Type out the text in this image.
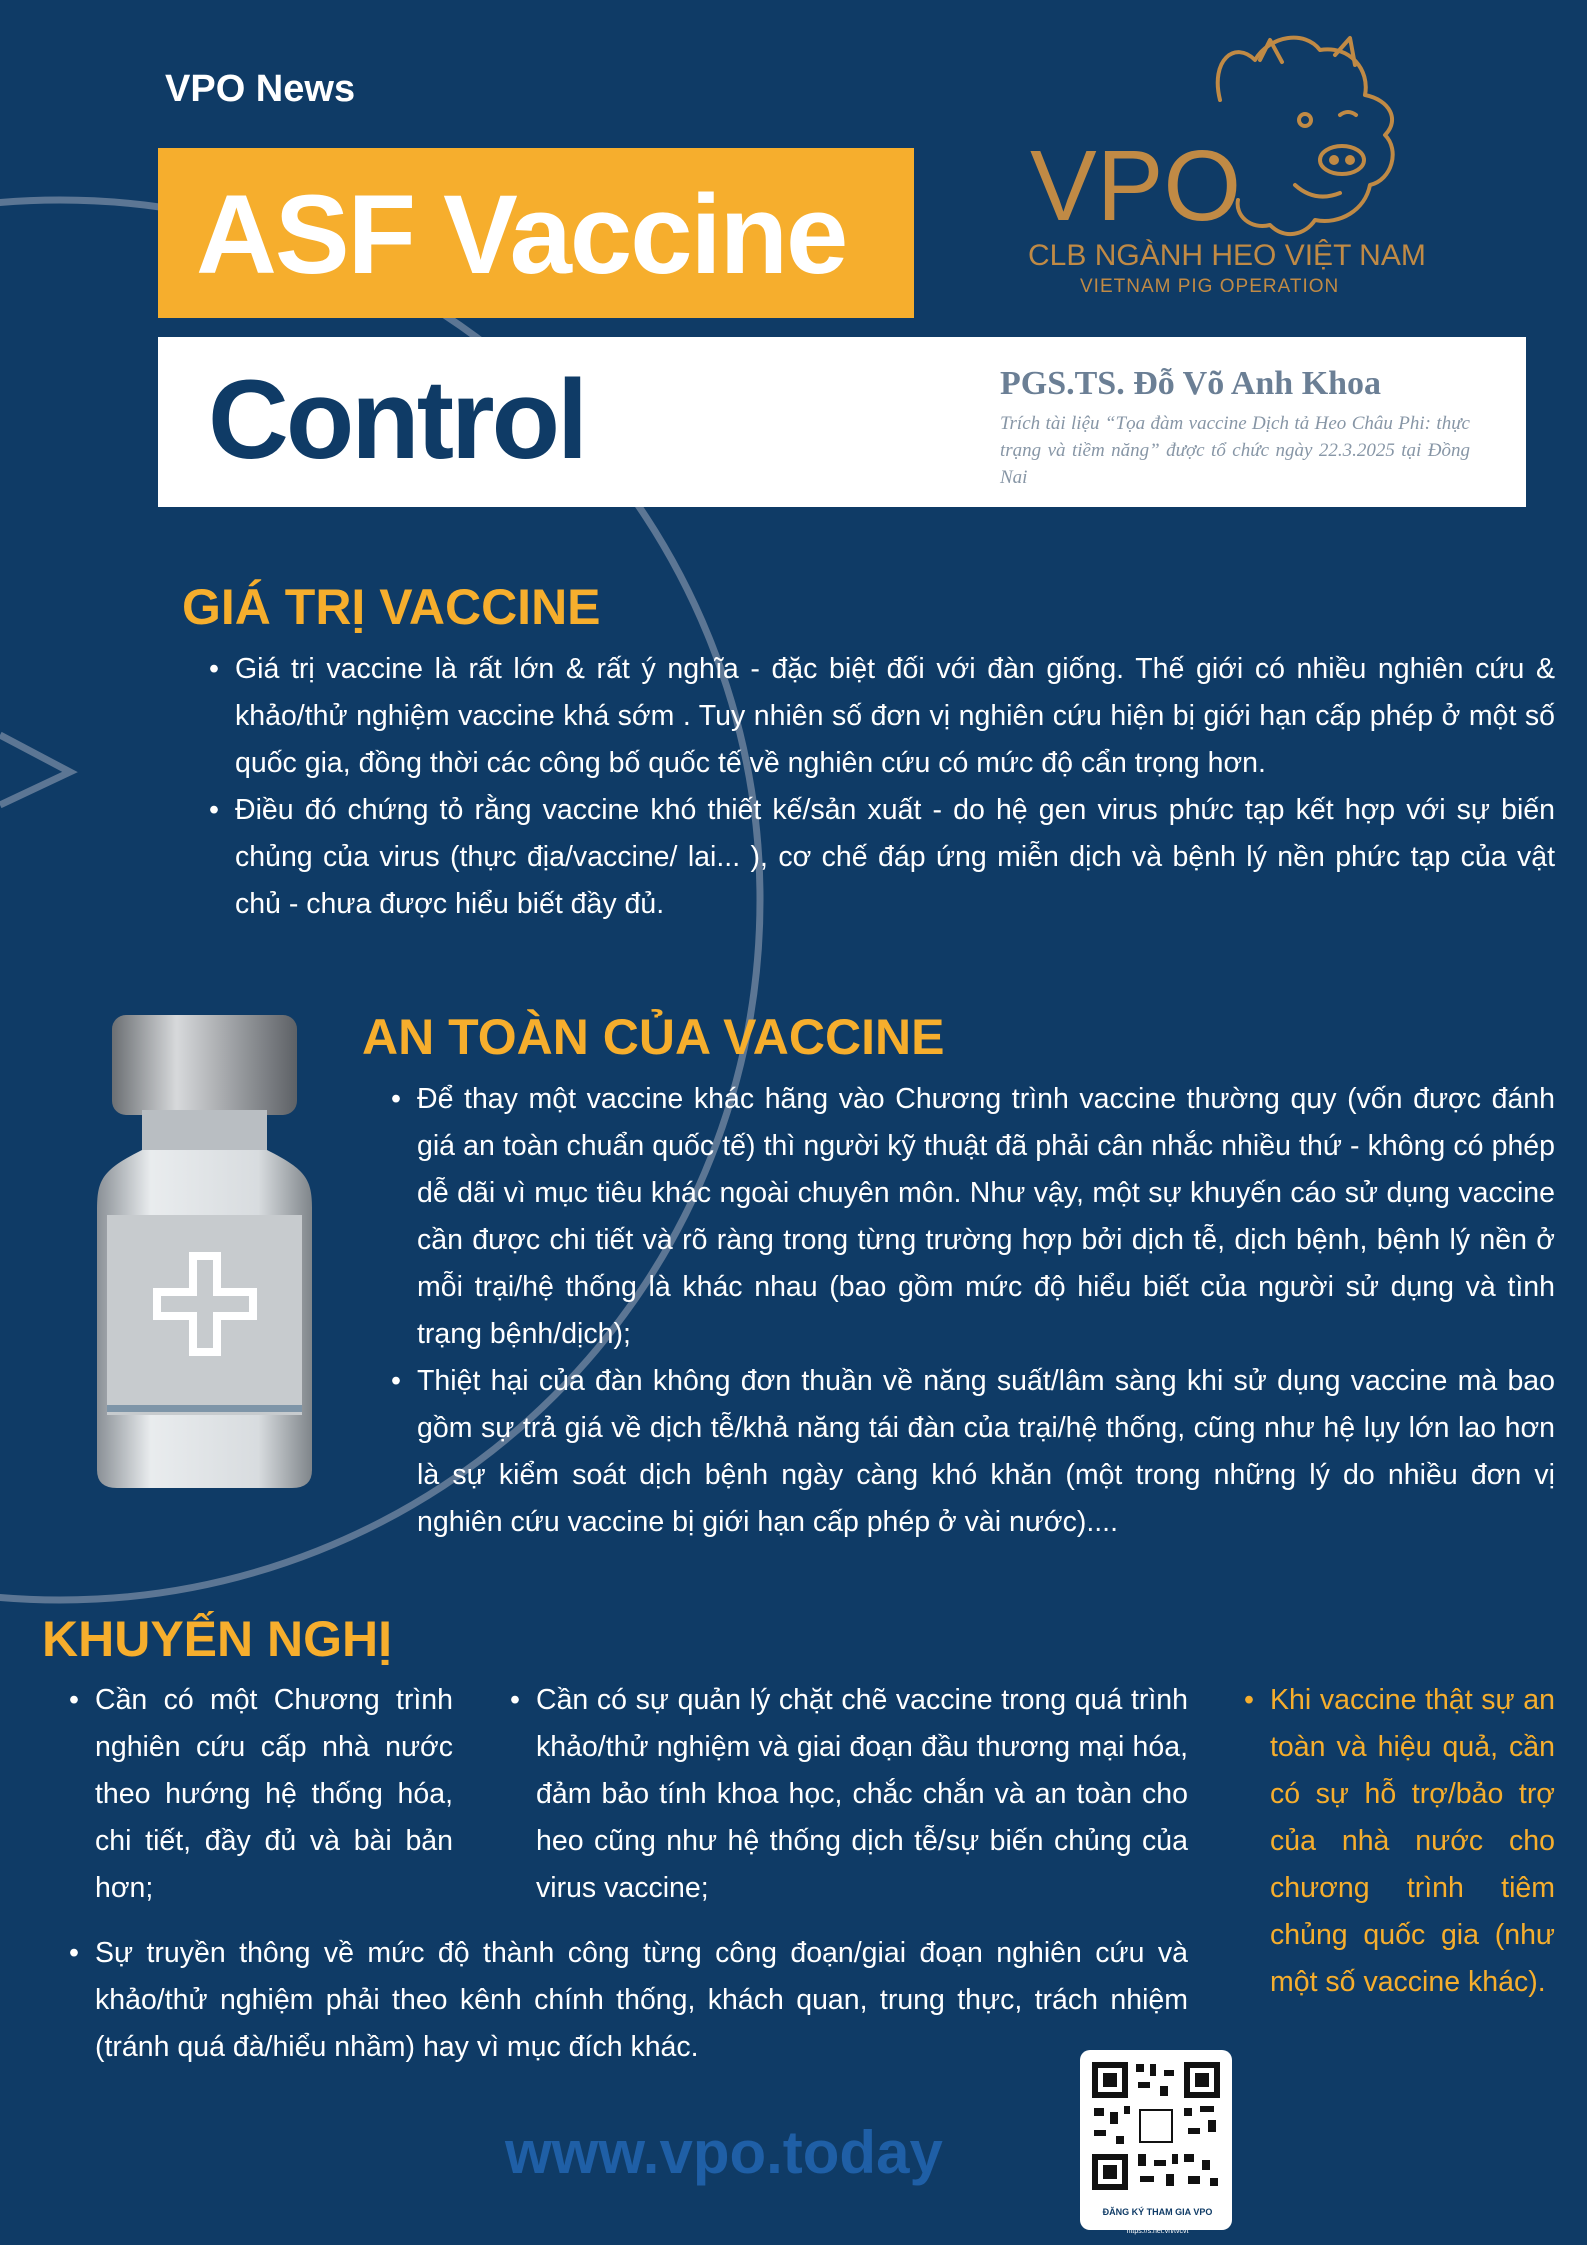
VPO News
ASF Vaccine
Control	PGS.TS. Đỗ Võ Anh Khoa
Trích tài liệu “Tọa đàm vaccine Dịch tả Heo Châu Phi: thực trạng và tiềm năng” được tổ chức ngày 22.3.2025 tại Đồng Nai
VPO
CLB NGÀNH HEO VIỆT NAM
VIETNAM PIG OPERATION
GIÁ TRỊ VACCINE
• Giá trị vaccine là rất lớn & rất ý nghĩa - đặc biệt đối với đàn giống. Thế giới có nhiều nghiên cứu & khảo/thử nghiệm vaccine khá sớm . Tuy nhiên số đơn vị nghiên cứu hiện bị giới hạn cấp phép ở một số quốc gia, đồng thời các công bố quốc tế về nghiên cứu có mức độ cẩn trọng hơn.
• Điều đó chứng tỏ rằng vaccine khó thiết kế/sản xuất - do hệ gen virus phức tạp kết hợp với sự biến chủng của virus (thực địa/vaccine/ lai... ), cơ chế đáp ứng miễn dịch và bệnh lý nền phức tạp của vật chủ - chưa được hiểu biết đầy đủ.
AN TOÀN CỦA VACCINE
• Để thay một vaccine khác hãng vào Chương trình vaccine thường quy (vốn được đánh giá an toàn chuẩn quốc tế) thì người kỹ thuật đã phải cân nhắc nhiều thứ - không có phép dễ dãi vì mục tiêu khác ngoài chuyên môn. Như vậy, một sự khuyến cáo sử dụng vaccine cần được chi tiết và rõ ràng trong từng trường hợp bởi dịch tễ, dịch bệnh, bệnh lý nền ở mỗi trại/hệ thống là khác nhau (bao gồm mức độ hiểu biết của người sử dụng và tình trạng bệnh/dịch);
• Thiệt hại của đàn không đơn thuần về năng suất/lâm sàng khi sử dụng vaccine mà bao gồm sự trả giá về dịch tễ/khả năng tái đàn của trại/hệ thống, cũng như hệ lụy lớn lao hơn là sự kiểm soát dịch bệnh ngày càng khó khăn (một trong những lý do nhiều đơn vị nghiên cứu vaccine bị giới hạn cấp phép ở vài nước)....
KHUYẾN NGHỊ
• Cần có một Chương trình nghiên cứu cấp nhà nước theo hướng hệ thống hóa, chi tiết, đầy đủ và bài bản hơn;
• Cần có sự quản lý chặt chẽ vaccine trong quá trình khảo/thử nghiệm và giai đoạn đầu thương mại hóa, đảm bảo tính khoa học, chắc chắn và an toàn cho heo cũng như hệ thống dịch tễ/sự biến chủng của virus vaccine;
• Khi vaccine thật sự an toàn và hiệu quả, cần có sự hỗ trợ/bảo trợ của nhà nước cho chương trình tiêm chủng quốc gia (như một số vaccine khác).
• Sự truyền thông về mức độ thành công từng công đoạn/giai đoạn nghiên cứu và khảo/thử nghiệm phải theo kênh chính thống, khách quan, trung thực, trách nhiệm (tránh quá đà/hiểu nhầm) hay vì mục đích khác.
www.vpo.today
ĐĂNG KÝ THAM GIA VPO
https://s.net.vn/tvcvt
